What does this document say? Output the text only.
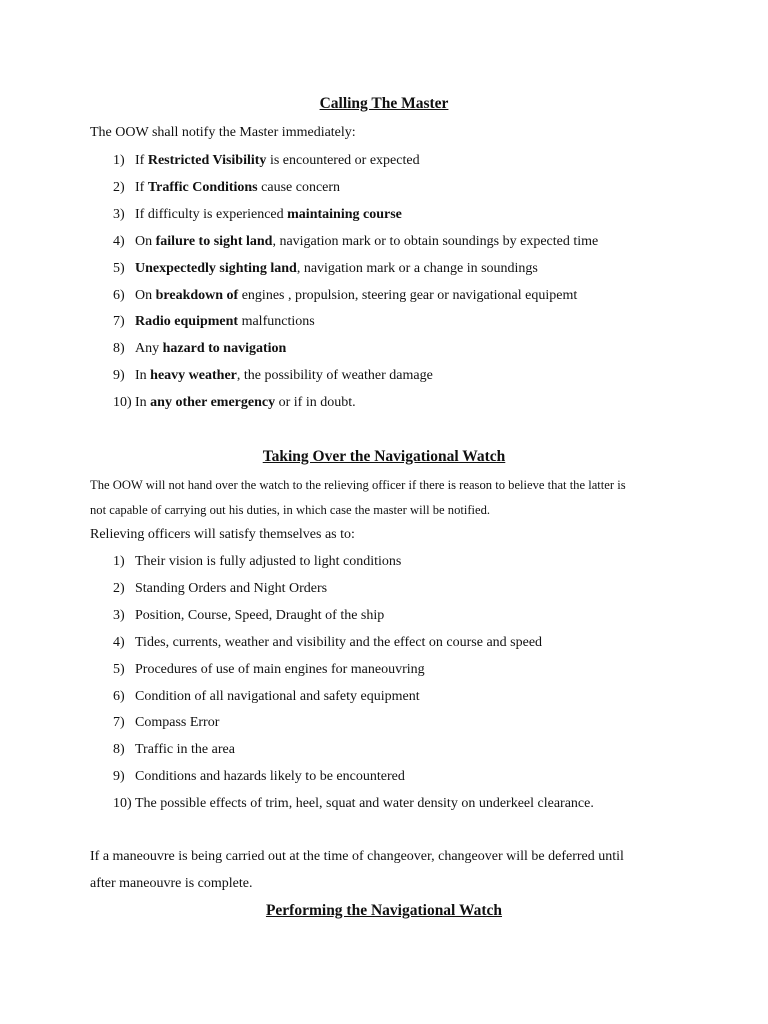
Calling The Master

The OOW shall notify the Master immediately:

1) If Restricted Visibility is encountered or expected
2) If Traffic Conditions cause concern
3) If difficulty is experienced maintaining course
4) On failure to sight land, navigation mark or to obtain soundings by expected time
5) Unexpectedly sighting land, navigation mark or a change in soundings
6) On breakdown of engines , propulsion, steering gear or navigational equipemt
7) Radio equipment malfunctions
8) Any hazard to navigation
9) In heavy weather, the possibility of weather damage
10) In any other emergency or if in doubt.
Taking Over the Navigational Watch

The OOW will not hand over the watch to the relieving officer if there is reason to believe that the latter is

not capable of carrying out his duties, in which case the master will be notified.

Relieving officers will satisfy themselves as to:

1) Their vision is fully adjusted to light conditions
2) Standing Orders and Night Orders
3) Position, Course, Speed, Draught of the ship
4) Tides, currents, weather and visibility and the effect on course and speed
5) Procedures of use of main engines for maneouvring
6) Condition of all navigational and safety equipment
7) Compass Error
8) Traffic in the area
9) Conditions and hazards likely to be encountered
10) The possible effects of trim, heel, squat and water density on underkeel clearance.

If a maneouvre is being carried out at the time of changeover, changeover will be deferred until

after maneouvre is complete.

Performing the Navigational Watch
